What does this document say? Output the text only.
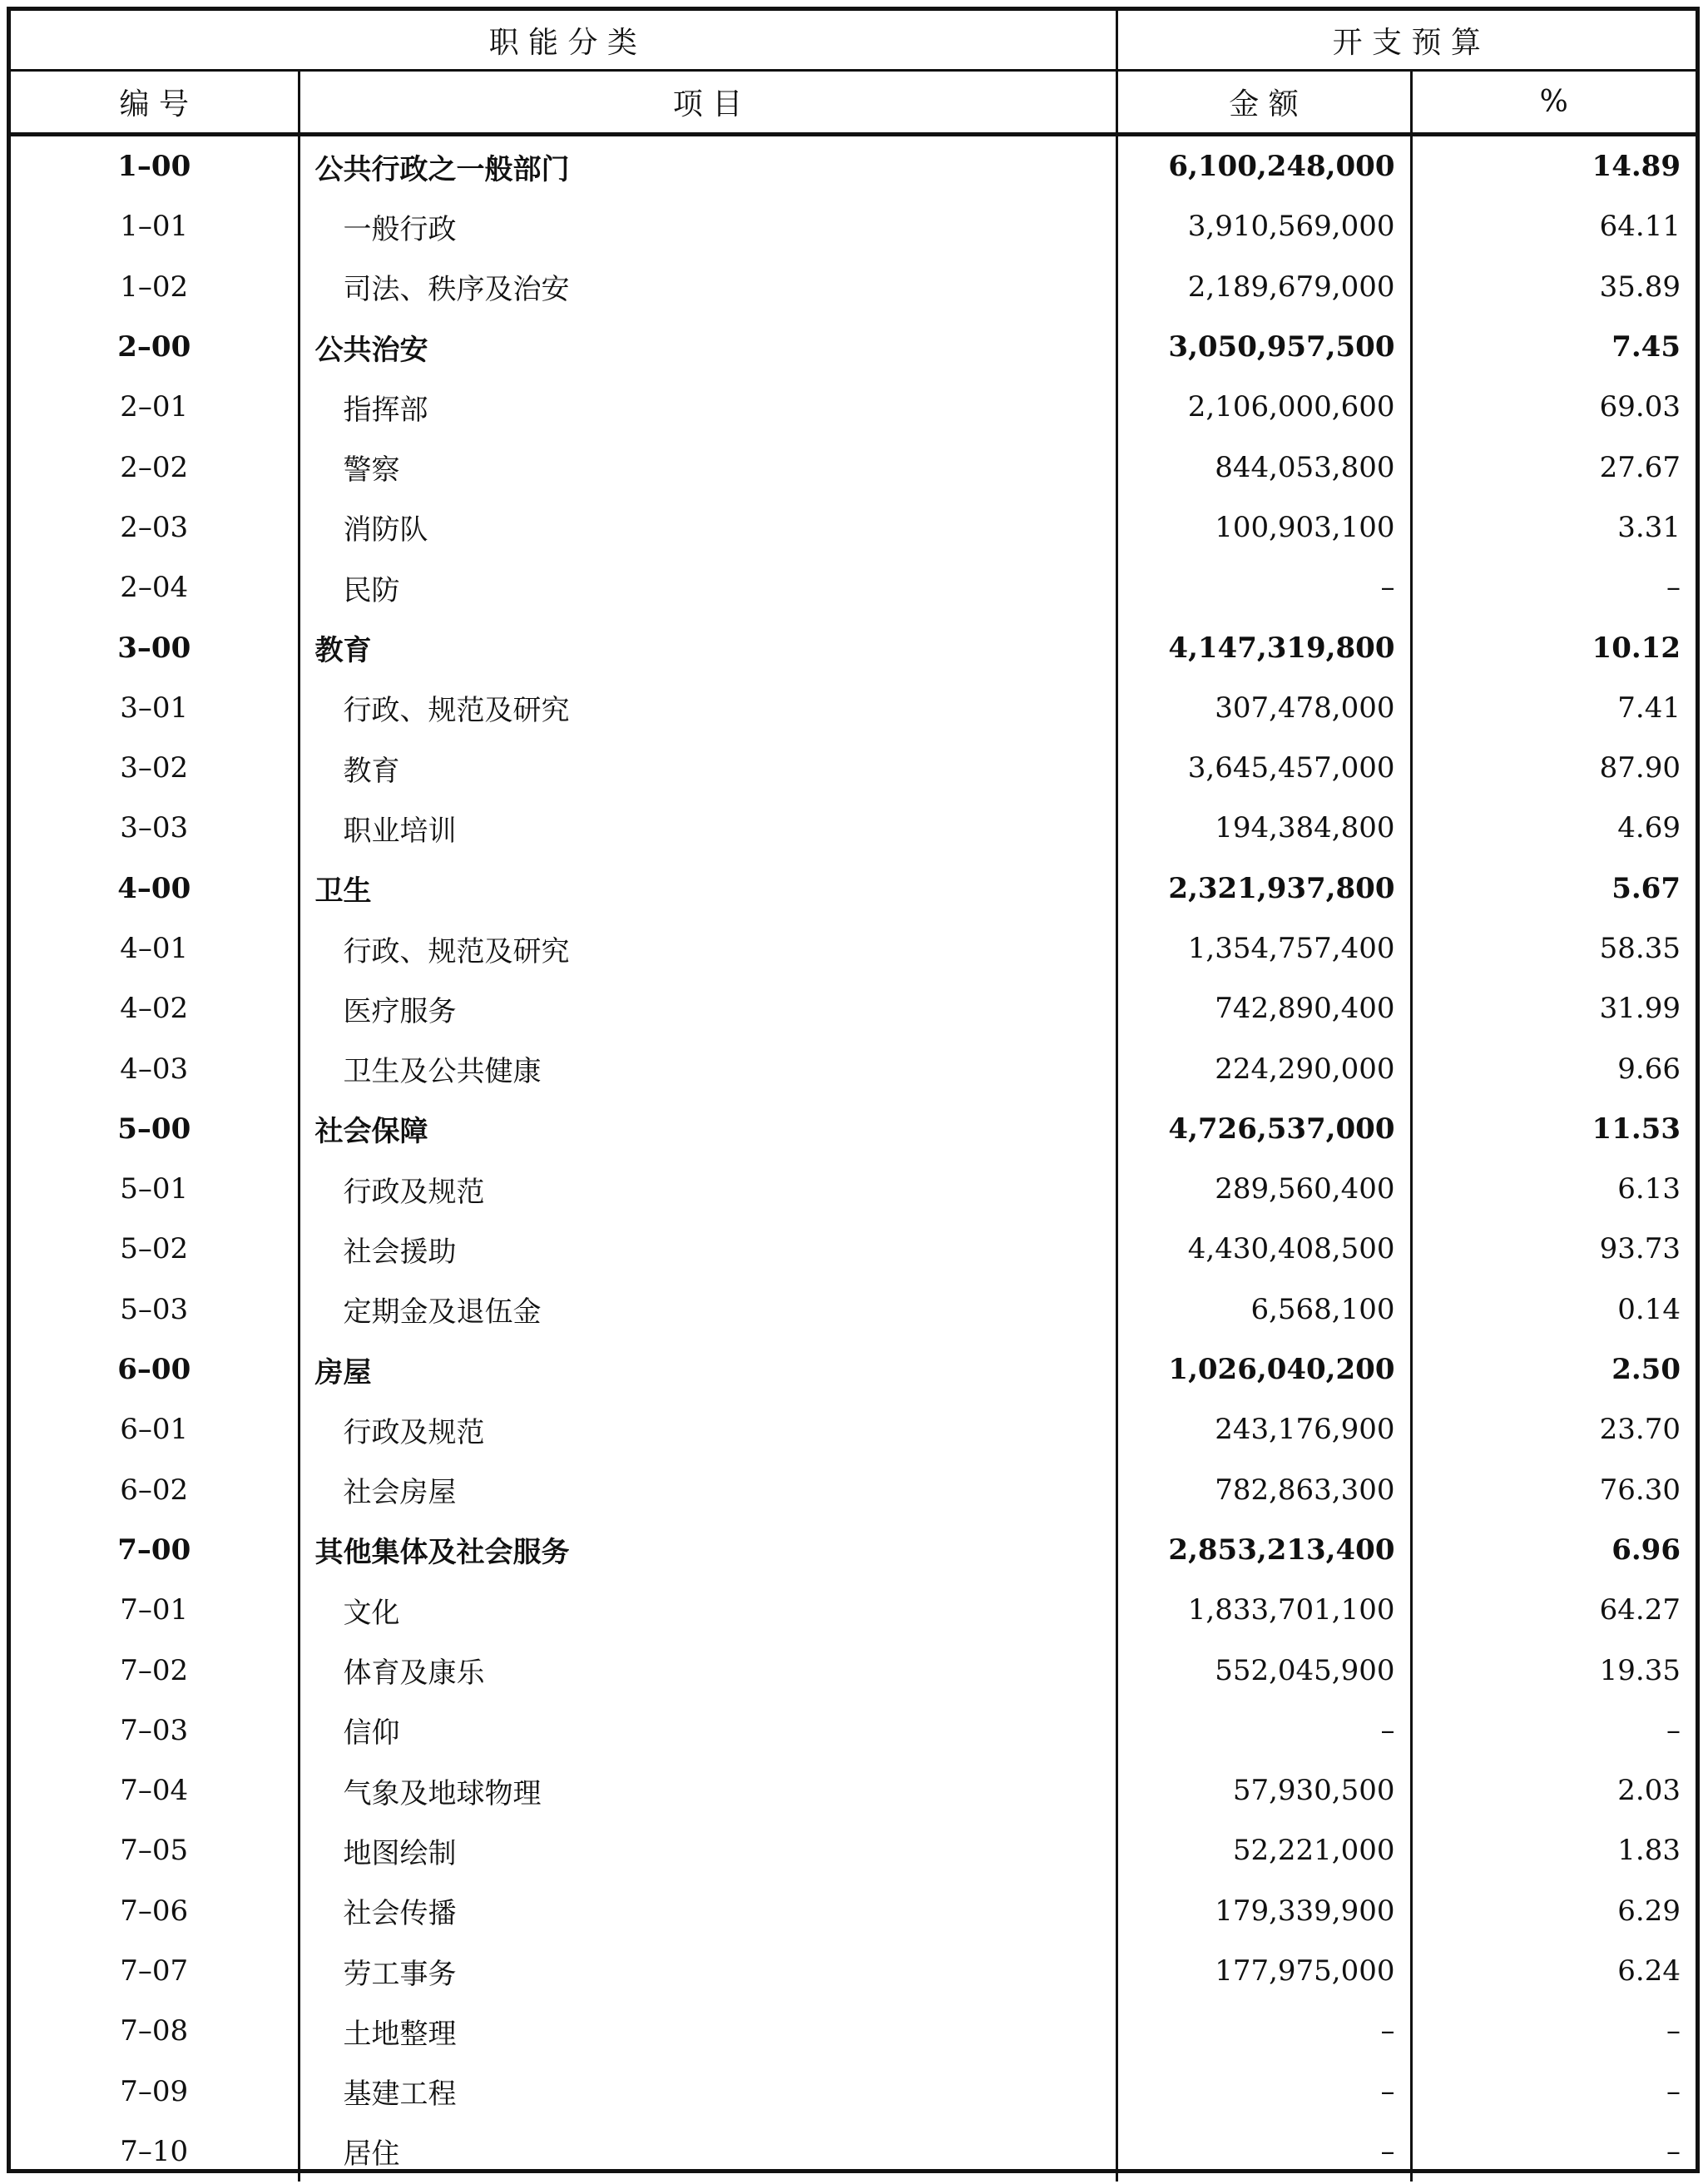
职 能 分 类		开 支 预 算	
编 号	项 目	金 额	%
1–00	公共行政之一般部门	6,100,248,000	14.89
1–01	一般行政	3,910,569,000	64.11
1–02	司法、秩序及治安	2,189,679,000	35.89
2–00	公共治安	3,050,957,500	7.45
2–01	指挥部	2,106,000,600	69.03
2–02	警察	844,053,800	27.67
2–03	消防队	100,903,100	3.31
2–04	民防	–	–
3–00	教育	4,147,319,800	10.12
3–01	行政、规范及研究	307,478,000	7.41
3–02	教育	3,645,457,000	87.90
3–03	职业培训	194,384,800	4.69
4–00	卫生	2,321,937,800	5.67
4–01	行政、规范及研究	1,354,757,400	58.35
4–02	医疗服务	742,890,400	31.99
4–03	卫生及公共健康	224,290,000	9.66
5–00	社会保障	4,726,537,000	11.53
5–01	行政及规范	289,560,400	6.13
5–02	社会援助	4,430,408,500	93.73
5–03	定期金及退伍金	6,568,100	0.14
6–00	房屋	1,026,040,200	2.50
6–01	行政及规范	243,176,900	23.70
6–02	社会房屋	782,863,300	76.30
7–00	其他集体及社会服务	2,853,213,400	6.96
7–01	文化	1,833,701,100	64.27
7–02	体育及康乐	552,045,900	19.35
7–03	信仰	–	–
7–04	气象及地球物理	57,930,500	2.03
7–05	地图绘制	52,221,000	1.83
7–06	社会传播	179,339,900	6.29
7–07	劳工事务	177,975,000	6.24
7–08	土地整理	–	–
7–09	基建工程	–	–
7–10	居住	–	–
